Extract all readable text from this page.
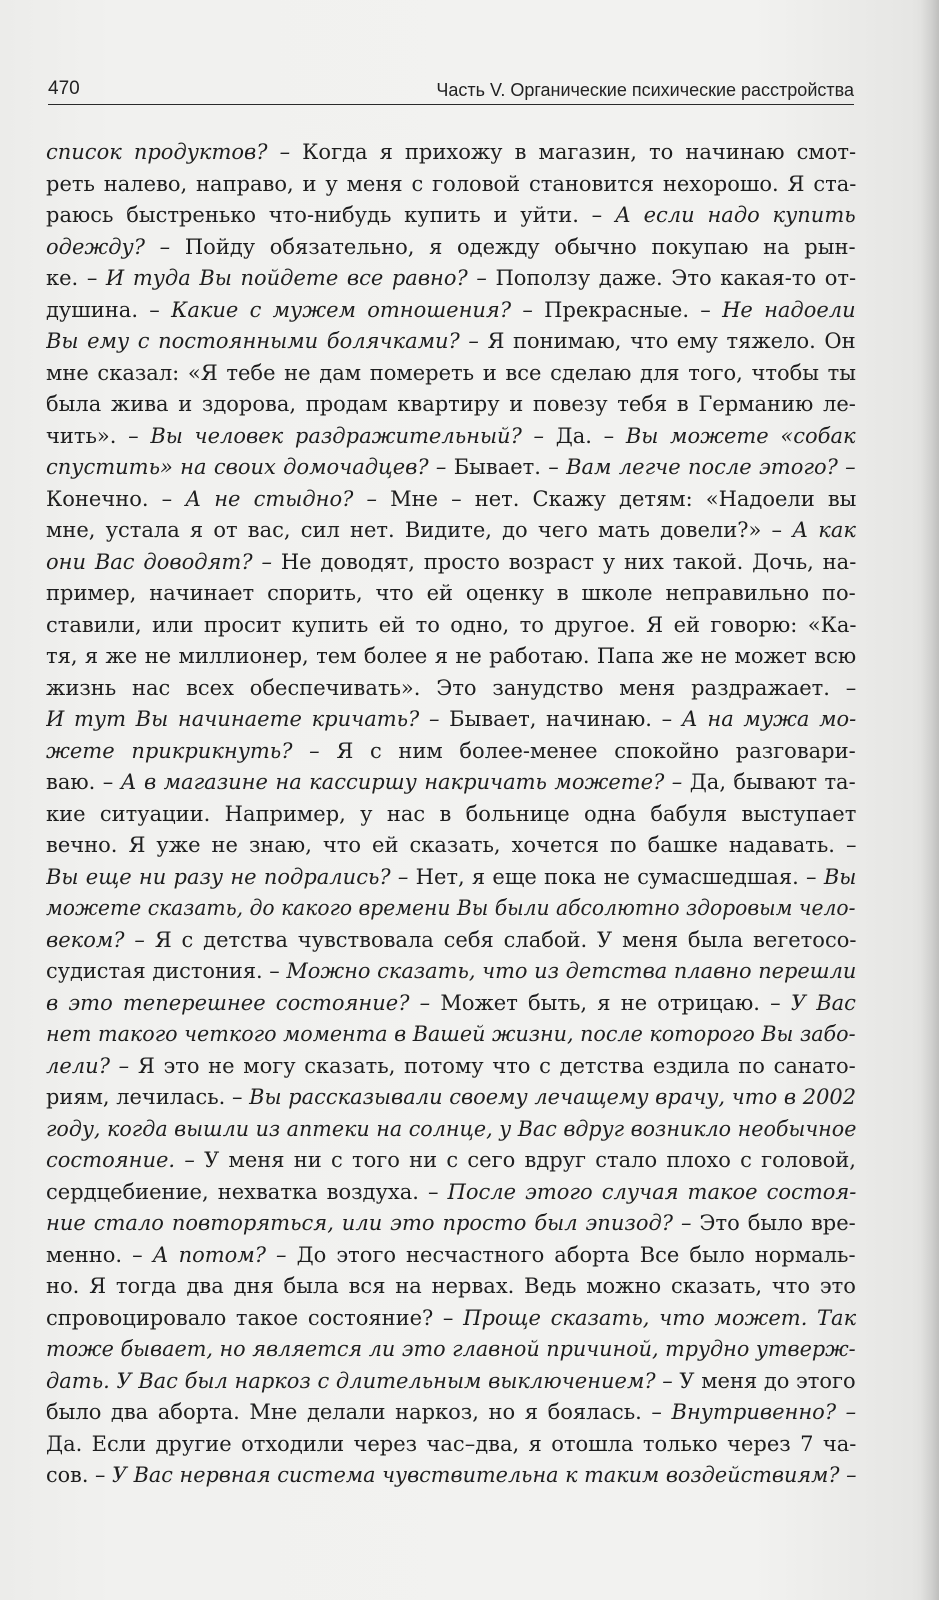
470	Часть V. Органические психические расстройства
список продуктов? – Когда я прихожу в магазин, то начинаю смот-
реть налево, направо, и у меня с головой становится нехорошо. Я ста-
раюсь быстренько что-нибудь купить и уйти. – А если надо купить
одежду? – Пойду обязательно, я одежду обычно покупаю на рын-
ке. – И туда Вы пойдете все равно? – Поползу даже. Это какая-то от-
душина. – Какие с мужем отношения? – Прекрасные. – Не надоели
Вы ему с постоянными болячками? – Я понимаю, что ему тяжело. Он
мне сказал: «Я тебе не дам помереть и все сделаю для того, чтобы ты
была жива и здорова, продам квартиру и повезу тебя в Германию ле-
чить». – Вы человек раздражительный? – Да. – Вы можете «собак
спустить» на своих домочадцев? – Бывает. – Вам легче после этого? –
Конечно. – А не стыдно? – Мне – нет. Скажу детям: «Надоели вы
мне, устала я от вас, сил нет. Видите, до чего мать довели?» – А как
они Вас доводят? – Не доводят, просто возраст у них такой. Дочь, на-
пример, начинает спорить, что ей оценку в школе неправильно по-
ставили, или просит купить ей то одно, то другое. Я ей говорю: «Ка-
тя, я же не миллионер, тем более я не работаю. Папа же не может всю
жизнь нас всех обеспечивать». Это занудство меня раздражает. –
И тут Вы начинаете кричать? – Бывает, начинаю. – А на мужа мо-
жете прикрикнуть? – Я с ним более-менее спокойно разговари-
ваю. – А в магазине на кассиршу накричать можете? – Да, бывают та-
кие ситуации. Например, у нас в больнице одна бабуля выступает
вечно. Я уже не знаю, что ей сказать, хочется по башке надавать. –
Вы еще ни разу не подрались? – Нет, я еще пока не сумасшедшая. – Вы
можете сказать, до какого времени Вы были абсолютно здоровым чело-
веком? – Я с детства чувствовала себя слабой. У меня была вегетосо-
судистая дистония. – Можно сказать, что из детства плавно перешли
в это теперешнее состояние? – Может быть, я не отрицаю. – У Вас
нет такого четкого момента в Вашей жизни, после которого Вы забо-
лели? – Я это не могу сказать, потому что с детства ездила по санато-
риям, лечилась. – Вы рассказывали своему лечащему врачу, что в 2002
году, когда вышли из аптеки на солнце, у Вас вдруг возникло необычное
состояние. – У меня ни с того ни с сего вдруг стало плохо с головой,
сердцебиение, нехватка воздуха. – После этого случая такое состоя-
ние стало повторяться, или это просто был эпизод? – Это было вре-
менно. – А потом? – До этого несчастного аборта Все было нормаль-
но. Я тогда два дня была вся на нервах. Ведь можно сказать, что это
спровоцировало такое состояние? – Проще сказать, что может. Так
тоже бывает, но является ли это главной причиной, трудно утверж-
дать. У Вас был наркоз с длительным выключением? – У меня до этого
было два аборта. Мне делали наркоз, но я боялась. – Внутривенно? –
Да. Если другие отходили через час–два, я отошла только через 7 ча-
сов. – У Вас нервная система чувствительна к таким воздействиям? –
